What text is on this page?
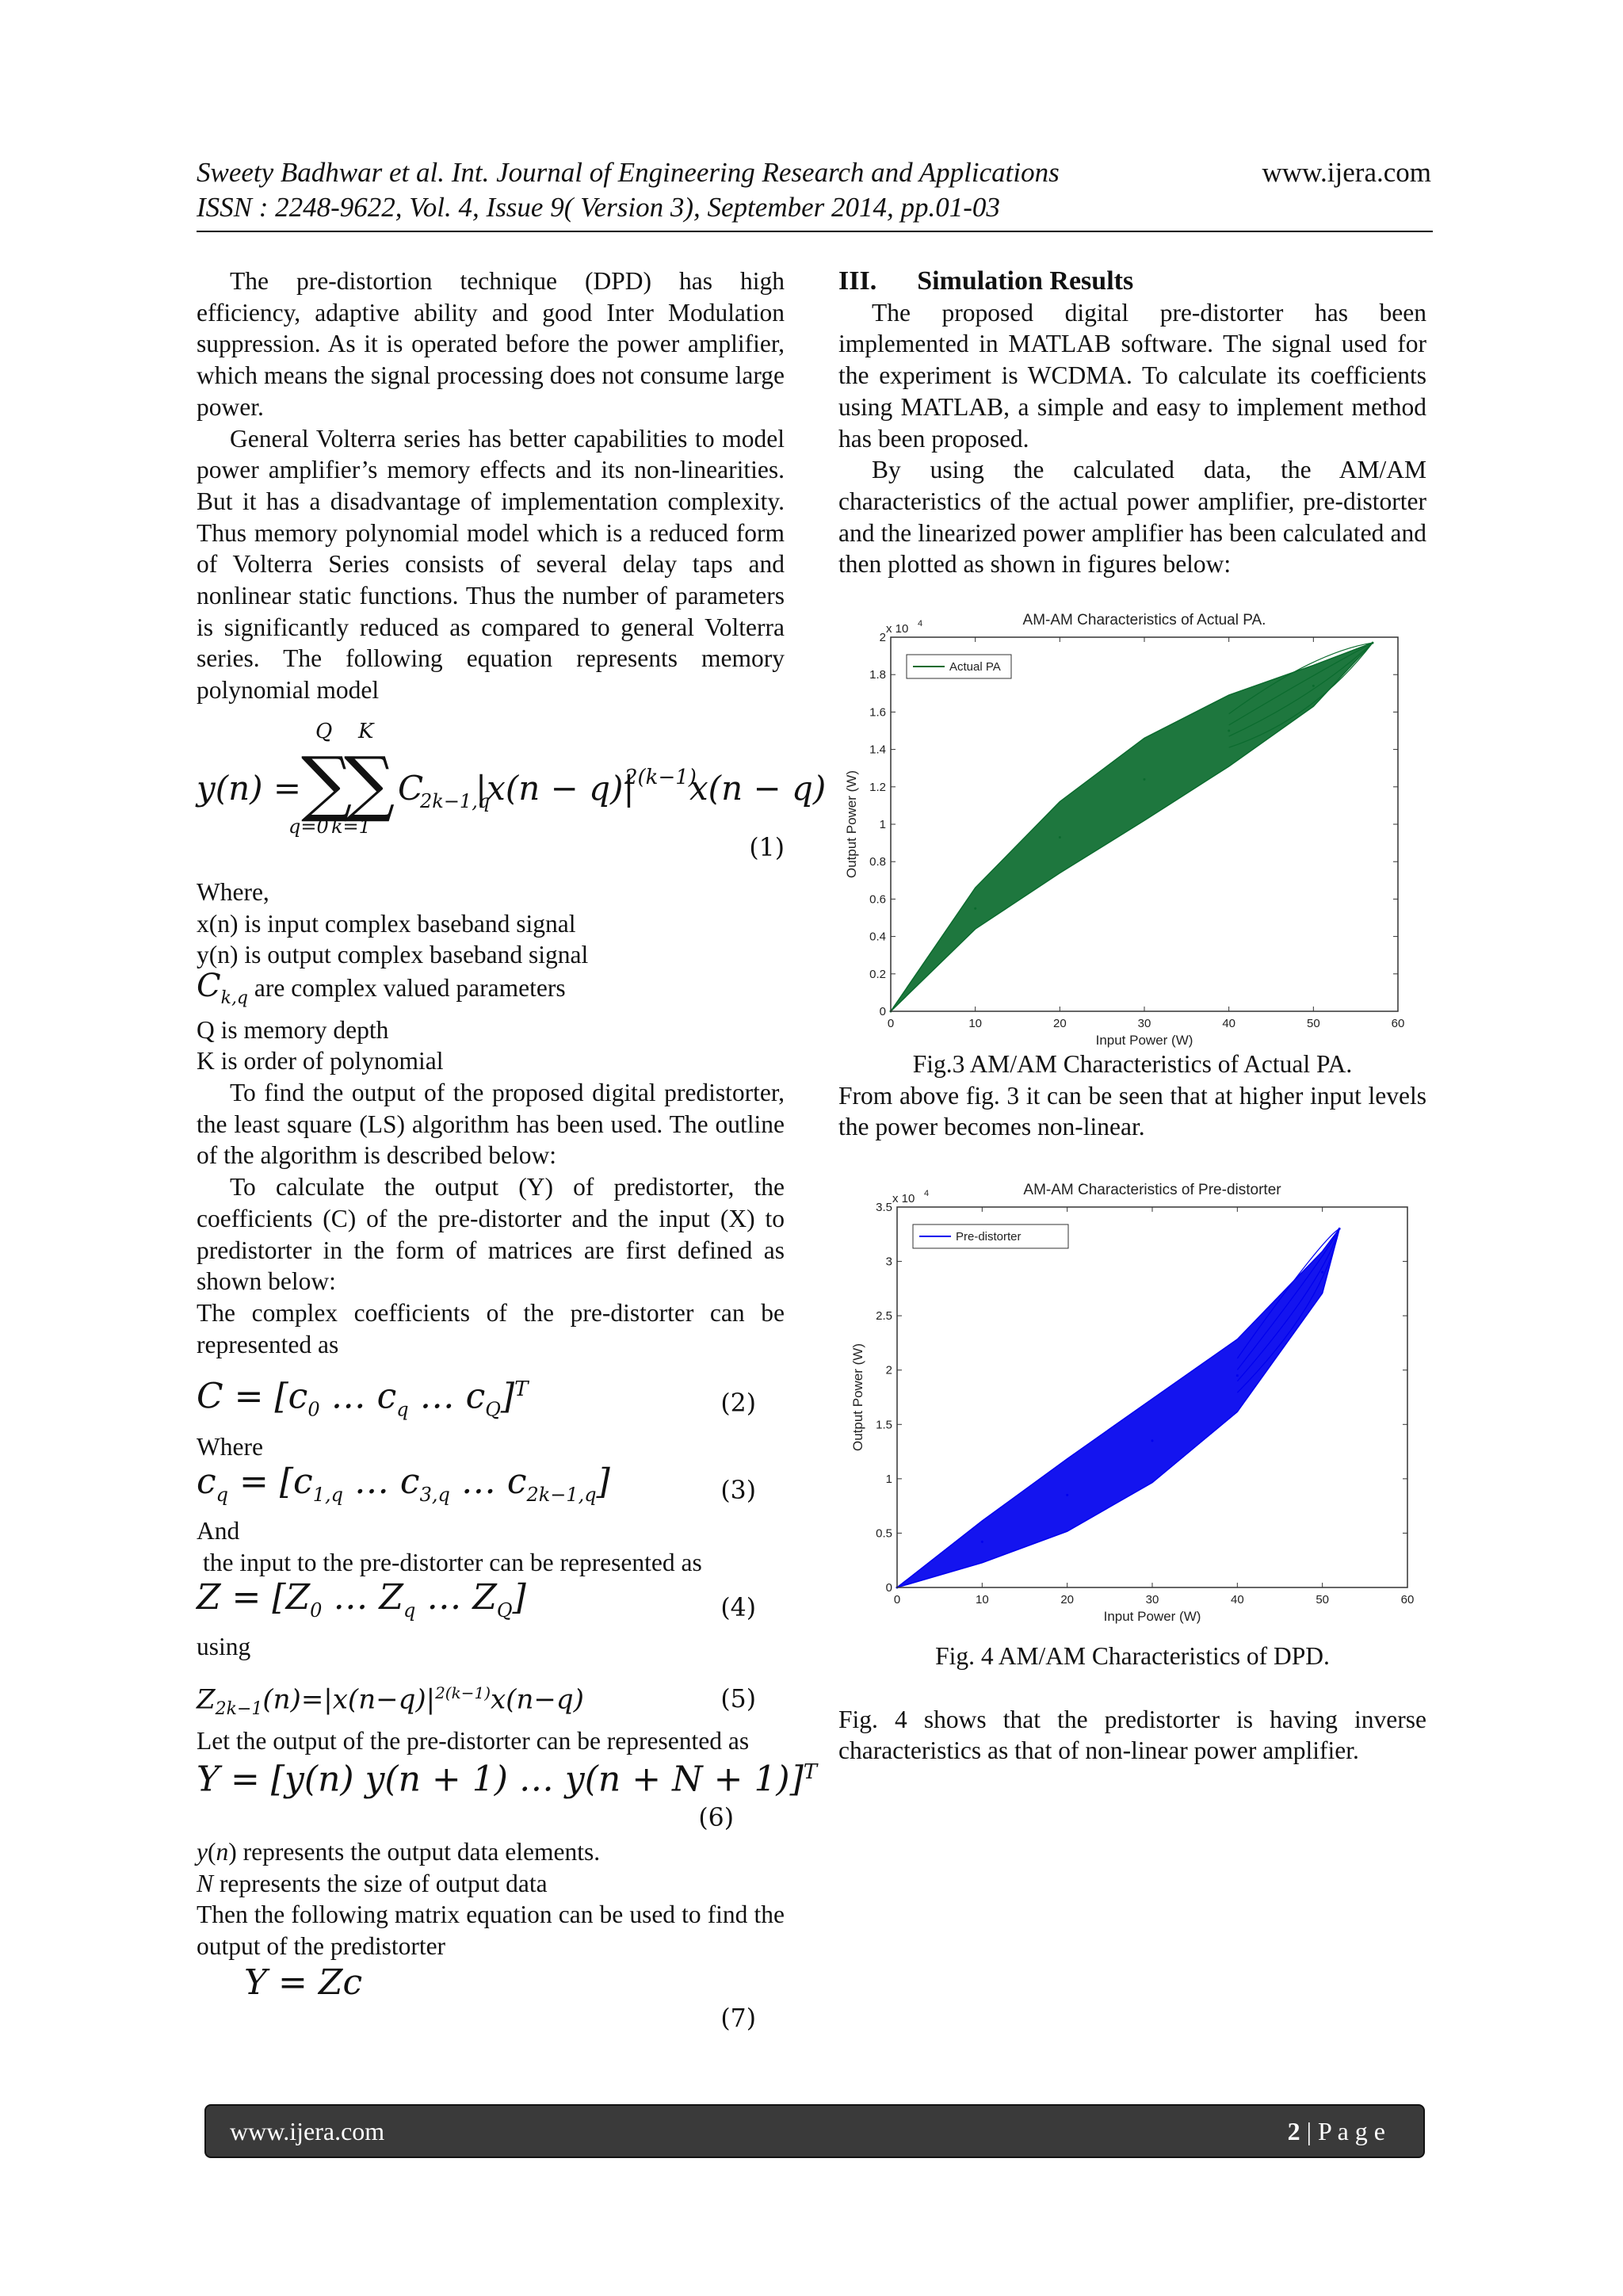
Sweety Badhwar et al. Int. Journal of Engineering Research and Applications	www.ijera.com
ISSN : 2248-9622, Vol. 4, Issue 9( Version 3), September 2014, pp.01-03

The pre-distortion technique (DPD) has high efficiency, adaptive ability and good Inter Modulation suppression. As it is operated before the power amplifier, which means the signal processing does not consume large power.

General Volterra series has better capabilities to model power amplifier’s memory effects and its non-linearities. But it has a disadvantage of implementation complexity. Thus memory polynomial model which is a reduced form of Volterra Series consists of several delay taps and nonlinear static functions. Thus the number of parameters is significantly reduced as compared to general Volterra series. The following equation represents memory polynomial model

y(n) = ∑
∑
Q K
q=0 k=1
C
2k−1,q
|x(n − q)|
2(k−1)
x(n − q)
(1)

Where,

x(n) is input complex baseband signal

y(n) is output complex baseband signal

$C_{k,q}$ are complex valued parameters

Q is memory depth

K is order of polynomial

To find the output of the proposed digital predistorter, the least square (LS) algorithm has been used. The outline of the algorithm is described below:

To calculate the output (Y) of predistorter, the coefficients (C) of the pre-distorter and the input (X) to predistorter in the form of matrices are first defined as shown below:

The complex coefficients of the pre-distorter can be represented as

$C = [c_0$ … $c_q$ … $c_Q]^T$	(2)

Where

$c_q = [c_{1,q}$ … $c_{3,q}$ … $c_{2k-1,q}$]	(3)

And

the input to the pre-distorter can be represented as

$Z = [Z_0$ … $Z_q$ … $Z_Q$]	(4)

using

$Z_{2k-1}(n)=|x(n-q)|^{2(k-1)}x(n-q)$	(5)

Let the output of the pre-distorter can be represented as

Y = [y(n) y(n + 1) … y(n + N + 1)]$^T$
(6)

y(n) represents the output data elements.

N represents the size of output data

Then the following matrix equation can be used to find the output of the predistorter

Y = Zc
(7)

III.      Simulation Results

The proposed digital pre-distorter has been implemented in MATLAB software. The signal used for the experiment is WCDMA. To calculate its coefficients using MATLAB, a simple and easy to implement method has been proposed.

By using the calculated data, the AM/AM characteristics of the actual power amplifier, pre-distorter and the linearized power amplifier has been calculated and then plotted as shown in figures below:

AM-AM Characteristics of Actual PA.
0	10	20	30	40	50	60
0
0.2
0.4
0.6
0.8
1
1.2
1.4
1.6
1.8
2
x 10 4
Input Power (W)
Output Power (W)
Actual PA

Fig.3 AM/AM Characteristics of Actual PA.

From above fig. 3 it can be seen that at higher input levels the power becomes non-linear.

AM-AM Characteristics of Pre-distorter
0	10	20	30	40	50	60
0
0.5
1
1.5
2
2.5
3
3.5
x 10 4
Input Power (W)
Output Power (W)
Pre-distorter

Fig. 4 AM/AM Characteristics of DPD.

Fig. 4 shows that the predistorter is having inverse characteristics as that of non-linear power amplifier.

www.ijera.com	2 | P a g e
